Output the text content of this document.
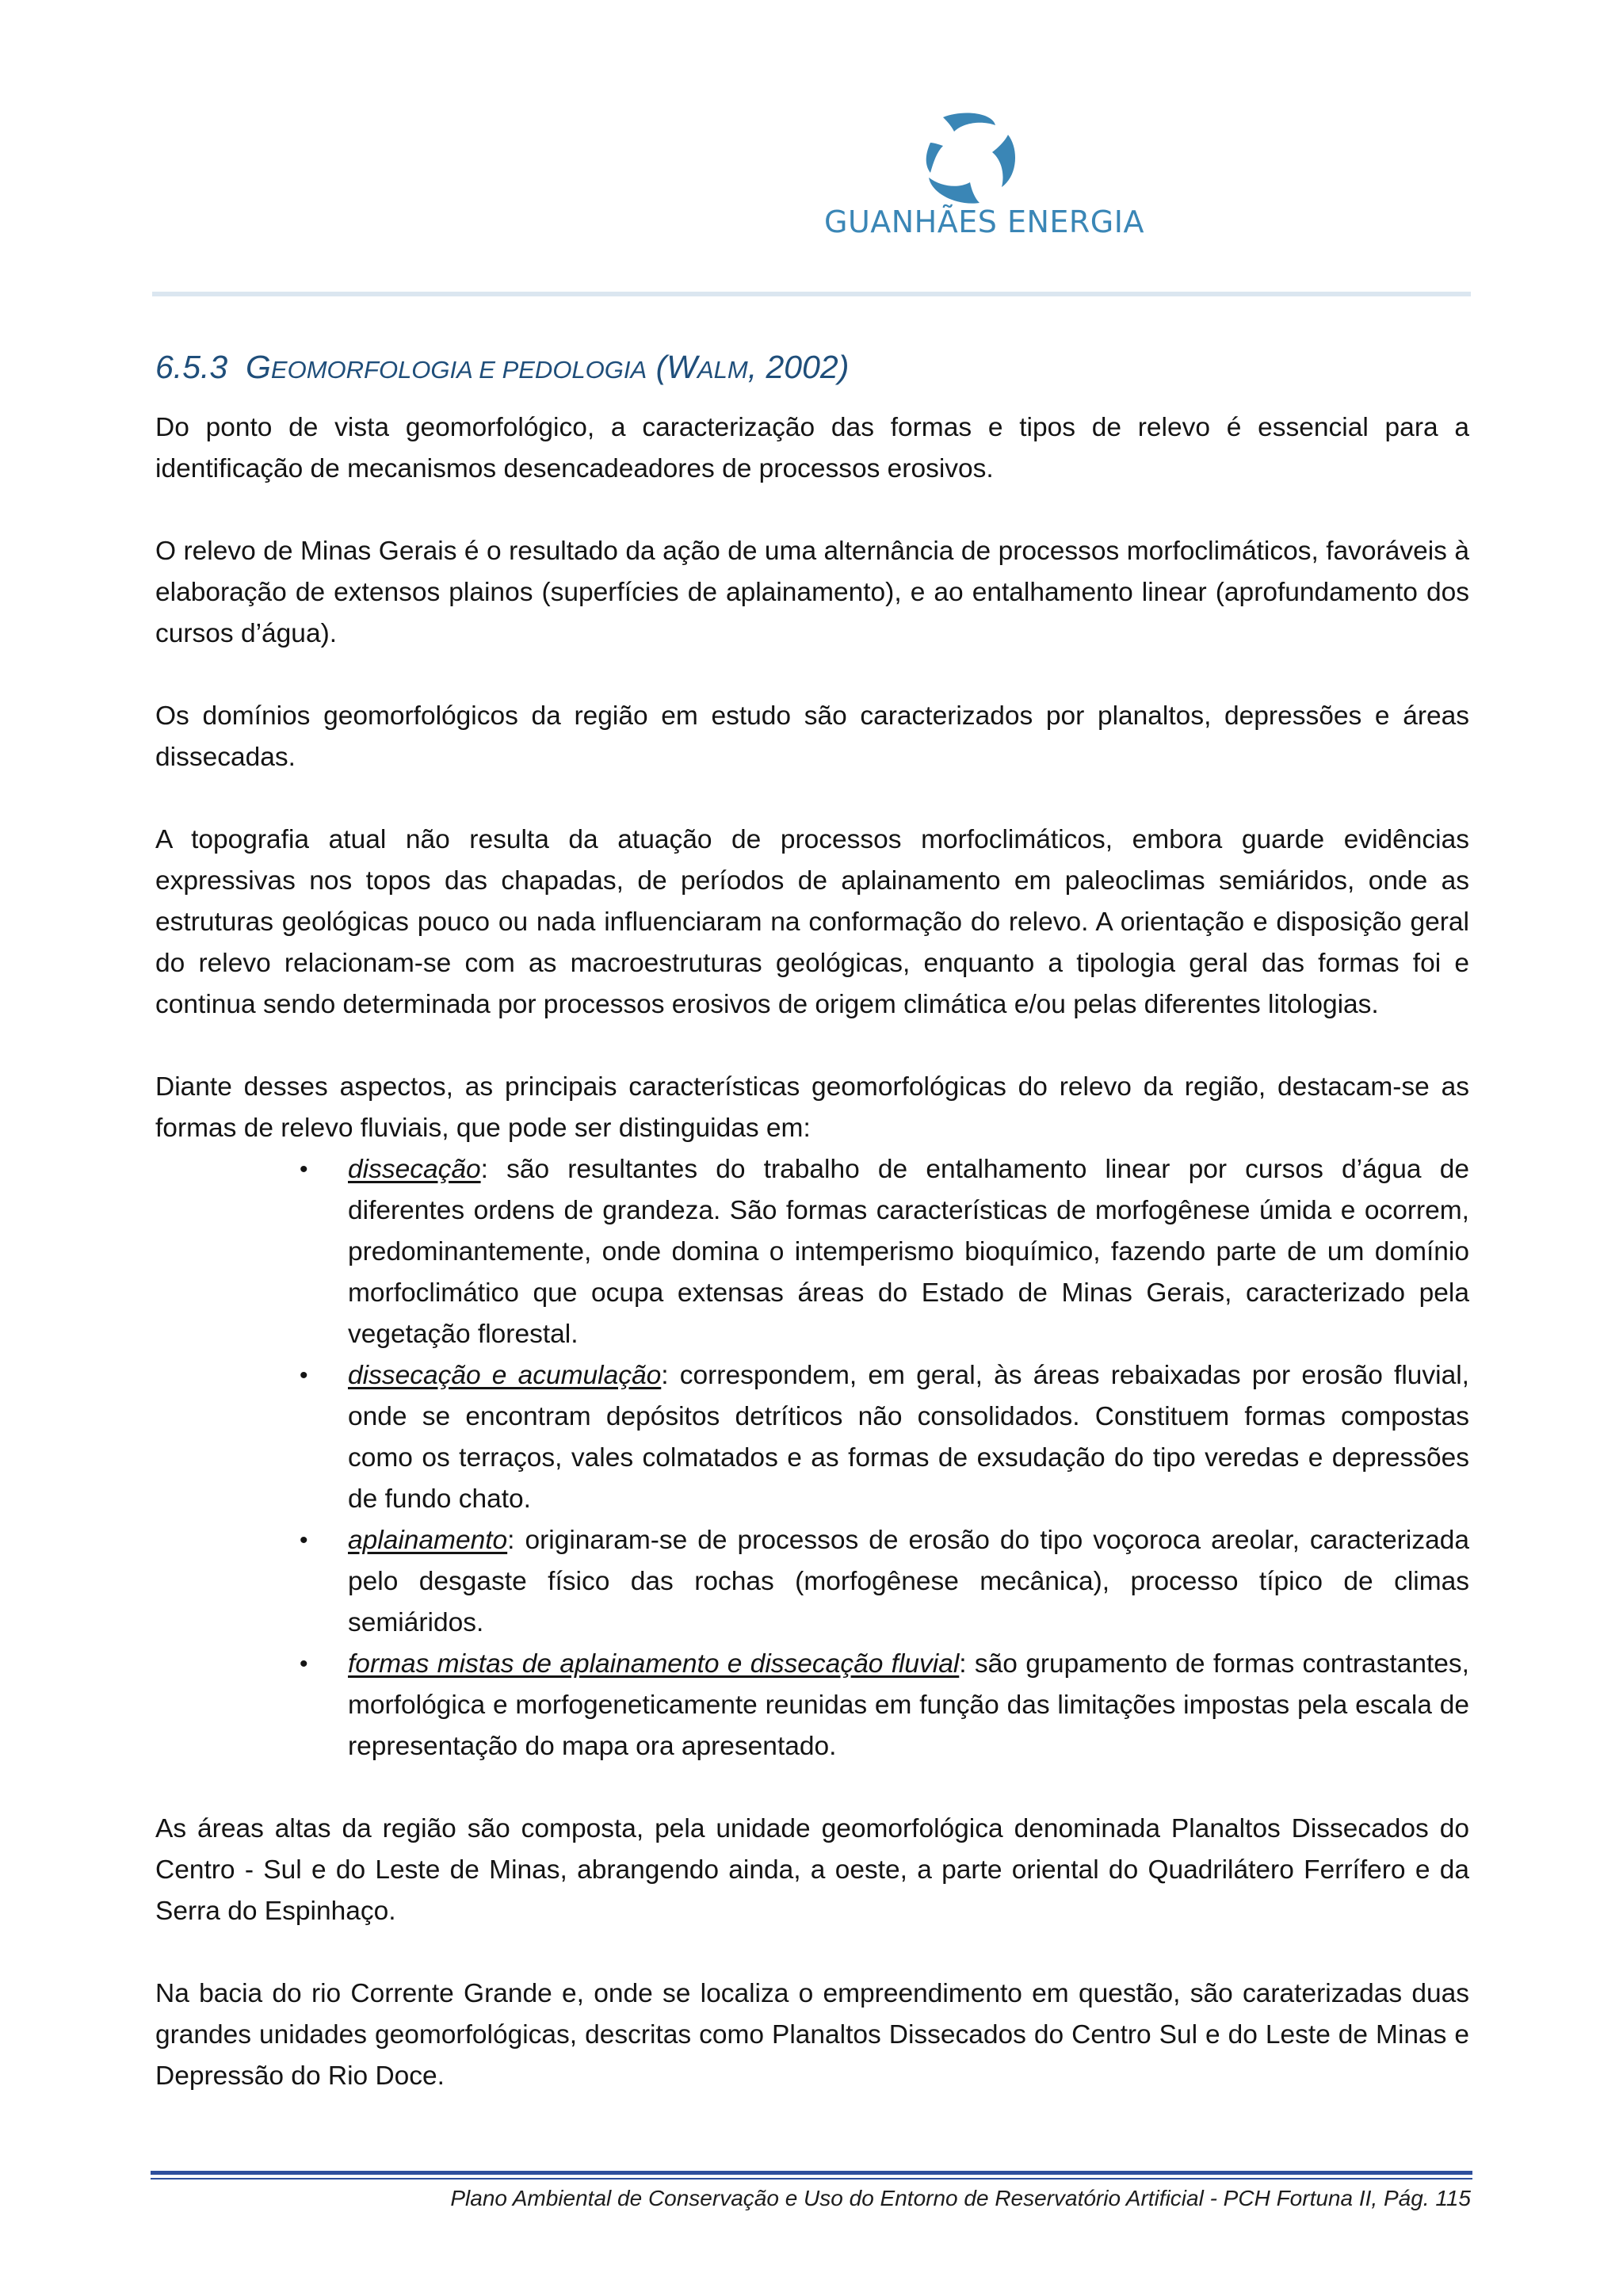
GUANHÃES ENERGIA
6.5.3 GEOMORFOLOGIA E PEDOLOGIA (WALM, 2002)

Do ponto de vista geomorfológico, a caracterização das formas e tipos de relevo é essencial para a identificação de mecanismos desencadeadores de processos erosivos.

O relevo de Minas Gerais é o resultado da ação de uma alternância de processos morfoclimáticos, favoráveis à elaboração de extensos plainos (superfícies de aplainamento), e ao entalhamento linear (aprofundamento dos cursos d’água).

Os domínios geomorfológicos da região em estudo são caracterizados por planaltos, depressões e áreas dissecadas.

A topografia atual não resulta da atuação de processos morfoclimáticos, embora guarde evidências expressivas nos topos das chapadas, de períodos de aplainamento em paleoclimas semiáridos, onde as estruturas geológicas pouco ou nada influenciaram na conformação do relevo. A orientação e disposição geral do relevo relacionam-se com as macroestruturas geológicas, enquanto a tipologia geral das formas foi e continua sendo determinada por processos erosivos de origem climática e/ou pelas diferentes litologias.

Diante desses aspectos, as principais características geomorfológicas do relevo da região, destacam-se as formas de relevo fluviais, que pode ser distinguidas em:

• dissecação: são resultantes do trabalho de entalhamento linear por cursos d’água de diferentes ordens de grandeza. São formas características de morfogênese úmida e ocorrem, predominantemente, onde domina o intemperismo bioquímico, fazendo parte de um domínio morfoclimático que ocupa extensas áreas do Estado de Minas Gerais, caracterizado pela vegetação florestal.
• dissecação e acumulação: correspondem, em geral, às áreas rebaixadas por erosão fluvial, onde se encontram depósitos detríticos não consolidados. Constituem formas compostas como os terraços, vales colmatados e as formas de exsudação do tipo veredas e depressões de fundo chato.
• aplainamento: originaram-se de processos de erosão do tipo voçoroca areolar, caracterizada pelo desgaste físico das rochas (morfogênese mecânica), processo típico de climas semiáridos.
• formas mistas de aplainamento e dissecação fluvial: são grupamento de formas contrastantes, morfológica e morfogeneticamente reunidas em função das limitações impostas pela escala de representação do mapa ora apresentado.

As áreas altas da região são composta, pela unidade geomorfológica denominada Planaltos Dissecados do Centro - Sul e do Leste de Minas, abrangendo ainda, a oeste, a parte oriental do Quadrilátero Ferrífero e da Serra do Espinhaço.

Na bacia do rio Corrente Grande e, onde se localiza o empreendimento em questão, são caraterizadas duas grandes unidades geomorfológicas, descritas como Planaltos Dissecados do Centro Sul e do Leste de Minas e Depressão do Rio Doce.

Plano Ambiental de Conservação e Uso do Entorno de Reservatório Artificial - PCH Fortuna II, Pág. 115
